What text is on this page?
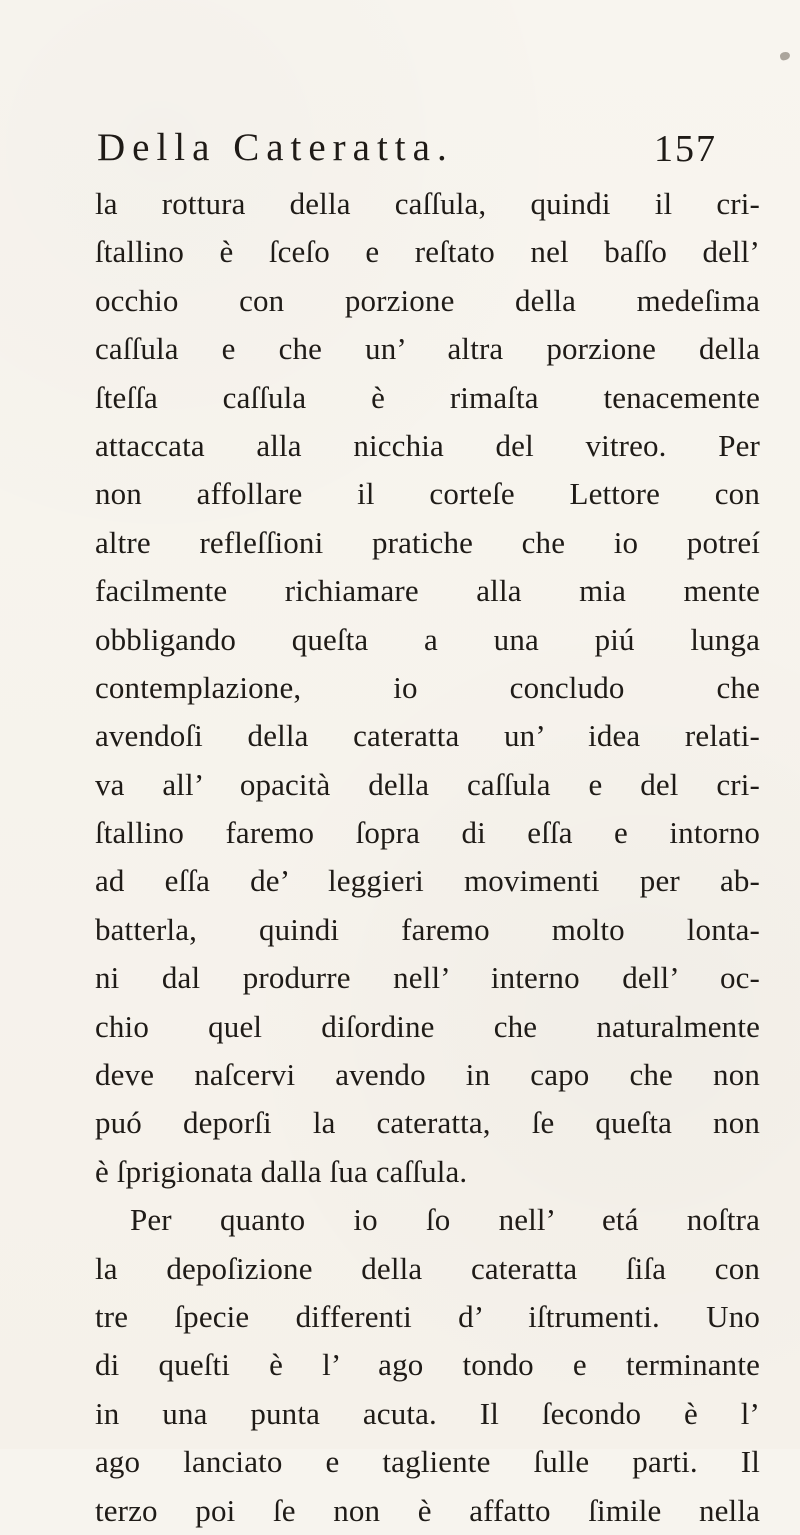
Della Cateratta.	157
la rottura della caſſula, quindi il cri-
ſtallino è ſceſo e reſtato nel baſſo dell’
occhio con porzione della medeſima
caſſula e che un’ altra porzione della
ſteſſa caſſula è rimaſta tenacemente
attaccata alla nicchia del vitreo. Per
non affollare il corteſe Lettore con
altre refleſſioni pratiche che io potreí
facilmente richiamare alla mia mente
obbligando queſta a una piú lunga
contemplazione, io concludo che
avendoſi della cateratta un’ idea relati-
va all’ opacità della caſſula e del cri-
ſtallino faremo ſopra di eſſa e intorno
ad eſſa de’ leggieri movimenti per ab-
batterla, quindi faremo molto lonta-
ni dal produrre nell’ interno dell’ oc-
chio quel diſordine che naturalmente
deve naſcervi avendo in capo che non
puó deporſi la cateratta, ſe queſta non
è ſprigionata dalla ſua caſſula.
Per quanto io ſo nell’ etá noſtra
la depoſizione della cateratta ſiſa con
tre ſpecie differenti d’ iſtrumenti. Uno
di queſti è l’ ago tondo e terminante
in una punta acuta. Il ſecondo è l’
ago lanciato e tagliente ſulle parti. Il
terzo poi ſe non è affatto ſimile nella
